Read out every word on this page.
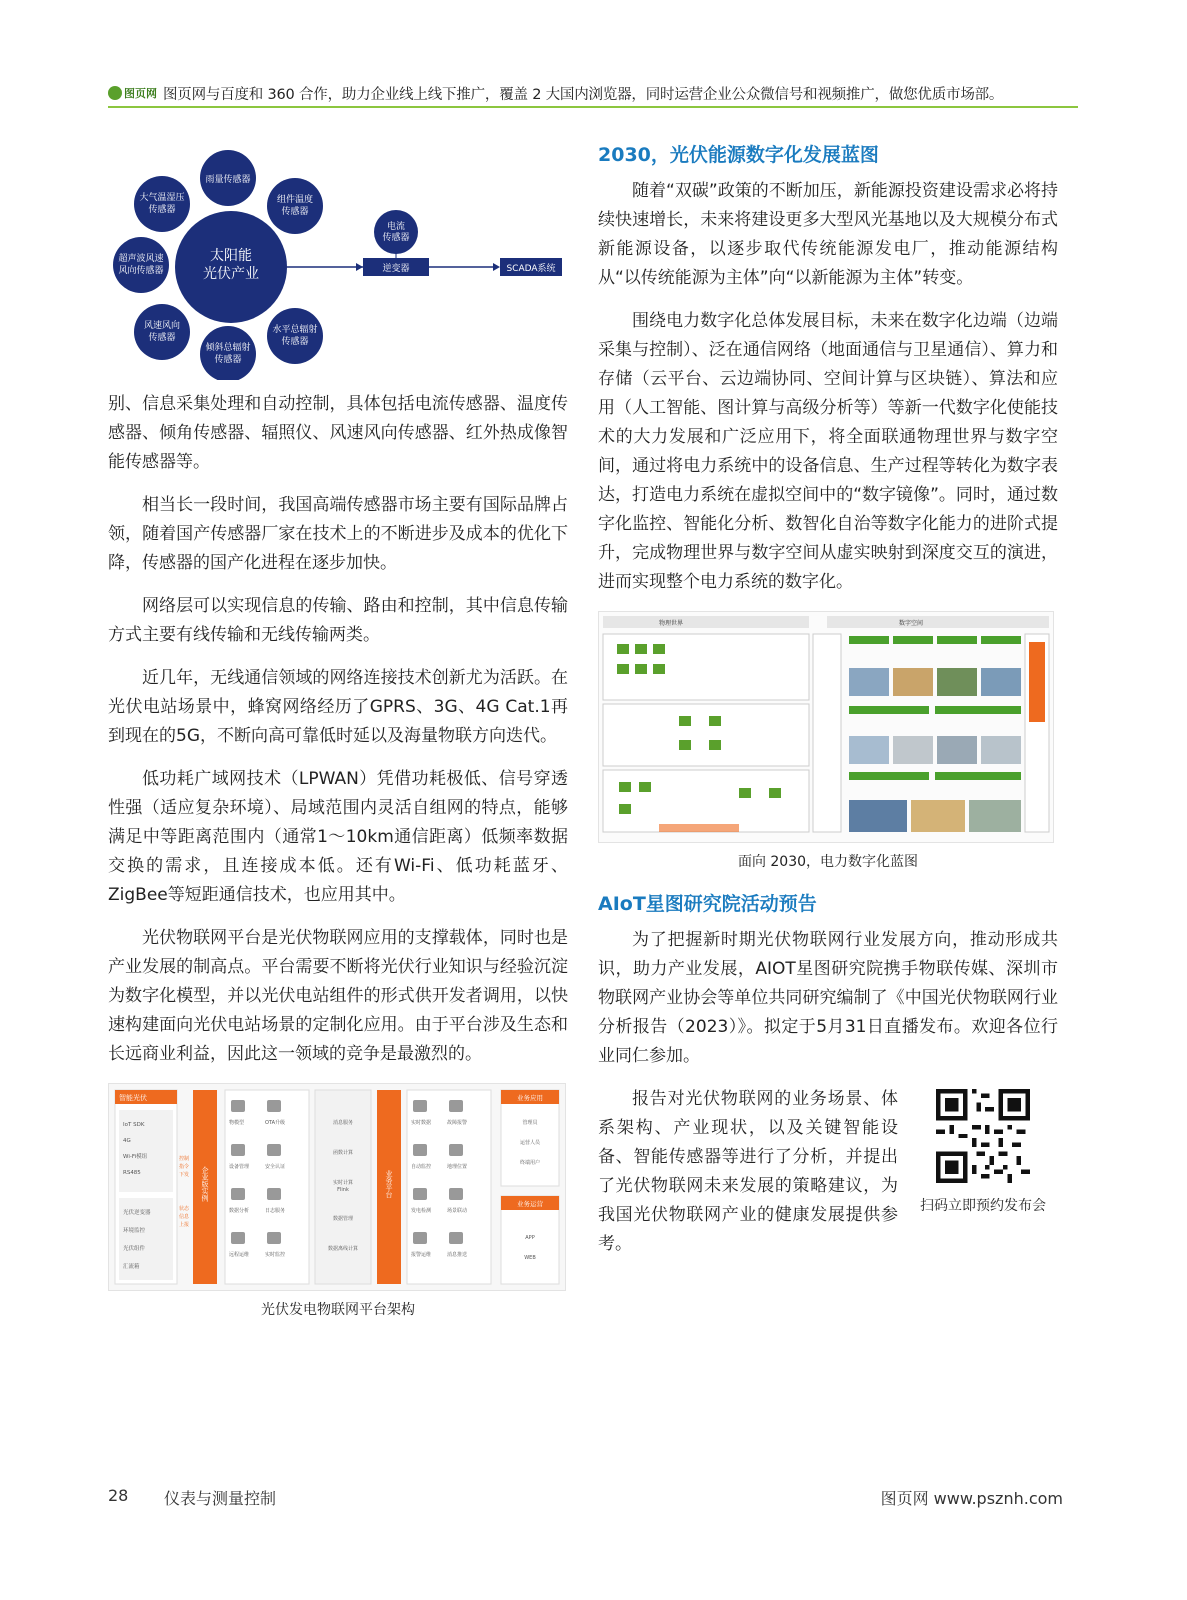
图页网 图页网与百度和 360 合作，助力企业线上线下推广，覆盖 2 大国内浏览器，同时运营企业公众微信号和视频推广，做您优质市场部。
太阳能
光伏产业
雨量传感器
组件温度
传感器
水平总辐射
传感器
倾斜总辐射
传感器
风速风向
传感器
超声波风速
风向传感器
大气温湿压
传感器
电流
传感器
逆变器	SCADA系统

别、信息采集处理和自动控制，具体包括电流传感器、温度传感器、倾角传感器、辐照仪、风速风向传感器、红外热成像智能传感器等。

相当长一段时间，我国高端传感器市场主要有国际品牌占领，随着国产传感器厂家在技术上的不断进步及成本的优化下降，传感器的国产化进程在逐步加快。

网络层可以实现信息的传输、路由和控制，其中信息传输方式主要有线传输和无线传输两类。

近几年，无线通信领域的网络连接技术创新尤为活跃。在光伏电站场景中，蜂窝网络经历了GPRS、3G、4G Cat.1再到现在的5G，不断向高可靠低时延以及海量物联方向迭代。

低功耗广域网技术（LPWAN）凭借功耗极低、信号穿透性强（适应复杂环境）、局域范围内灵活自组网的特点，能够满足中等距离范围内（通常1～10km通信距离）低频率数据交换的需求，且连接成本低。还有Wi-Fi、低功耗蓝牙、ZigBee等短距通信技术，也应用其中。

光伏物联网平台是光伏物联网应用的支撑载体，同时也是产业发展的制高点。平台需要不断将光伏行业知识与经验沉淀为数字化模型，并以光伏电站组件的形式供开发者调用，以快速构建面向光伏电站场景的定制化应用。由于平台涉及生态和长远商业利益，因此这一领域的竞争是最激烈的。

智能光伏
IoT SDK
4G
Wi-Fi模组
RS485
光伏逆变器
环境监控
光伏组件
汇流箱
控制
指令
下发
状态
信息
上报
企业版实例
物模型	OTA升级
设备管理	安全认证
数据分析	日志服务
远程运维	实时监控
消息服务
函数计算
实时计算
Flink
数据管理
数据离线计算
业务平台
实时数据	故障报警
自动监控	地理位置
发电检测	场景联动
报警运维	消息推送
业务应用
管理员
运营人员
终端用户
业务运营
APP
WEB
光伏发电物联网平台架构
2030，光伏能源数字化发展蓝图

随着“双碳”政策的不断加压，新能源投资建设需求必将持续快速增长，未来将建设更多大型风光基地以及大规模分布式新能源设备，以逐步取代传统能源发电厂，推动能源结构从“以传统能源为主体”向“以新能源为主体”转变。

围绕电力数字化总体发展目标，未来在数字化边端（边端采集与控制）、泛在通信网络（地面通信与卫星通信）、算力和存储（云平台、云边端协同、空间计算与区块链）、算法和应用（人工智能、图计算与高级分析等）等新一代数字化使能技术的大力发展和广泛应用下，将全面联通物理世界与数字空间，通过将电力系统中的设备信息、生产过程等转化为数字表达，打造电力系统在虚拟空间中的“数字镜像”。同时，通过数字化监控、智能化分析、数智化自治等数字化能力的进阶式提升，完成物理世界与数字空间从虚实映射到深度交互的演进，进而实现整个电力系统的数字化。

物理世界	数字空间
面向 2030，电力数字化蓝图
AIoT星图研究院活动预告

为了把握新时期光伏物联网行业发展方向，推动形成共识，助力产业发展，AIOT星图研究院携手物联传媒、深圳市物联网产业协会等单位共同研究编制了《中国光伏物联网行业分析报告（2023）》。拟定于5月31日直播发布。欢迎各位行业同仁参加。

报告对光伏物联网的业务场景、体系架构、产业现状，以及关键智能设备、智能传感器等进行了分析，并提出了光伏物联网未来发展的策略建议，为我国光伏物联网产业的健康发展提供参考。

扫码立即预约发布会
28 仪表与测量控制	图页网 www.psznh.com
